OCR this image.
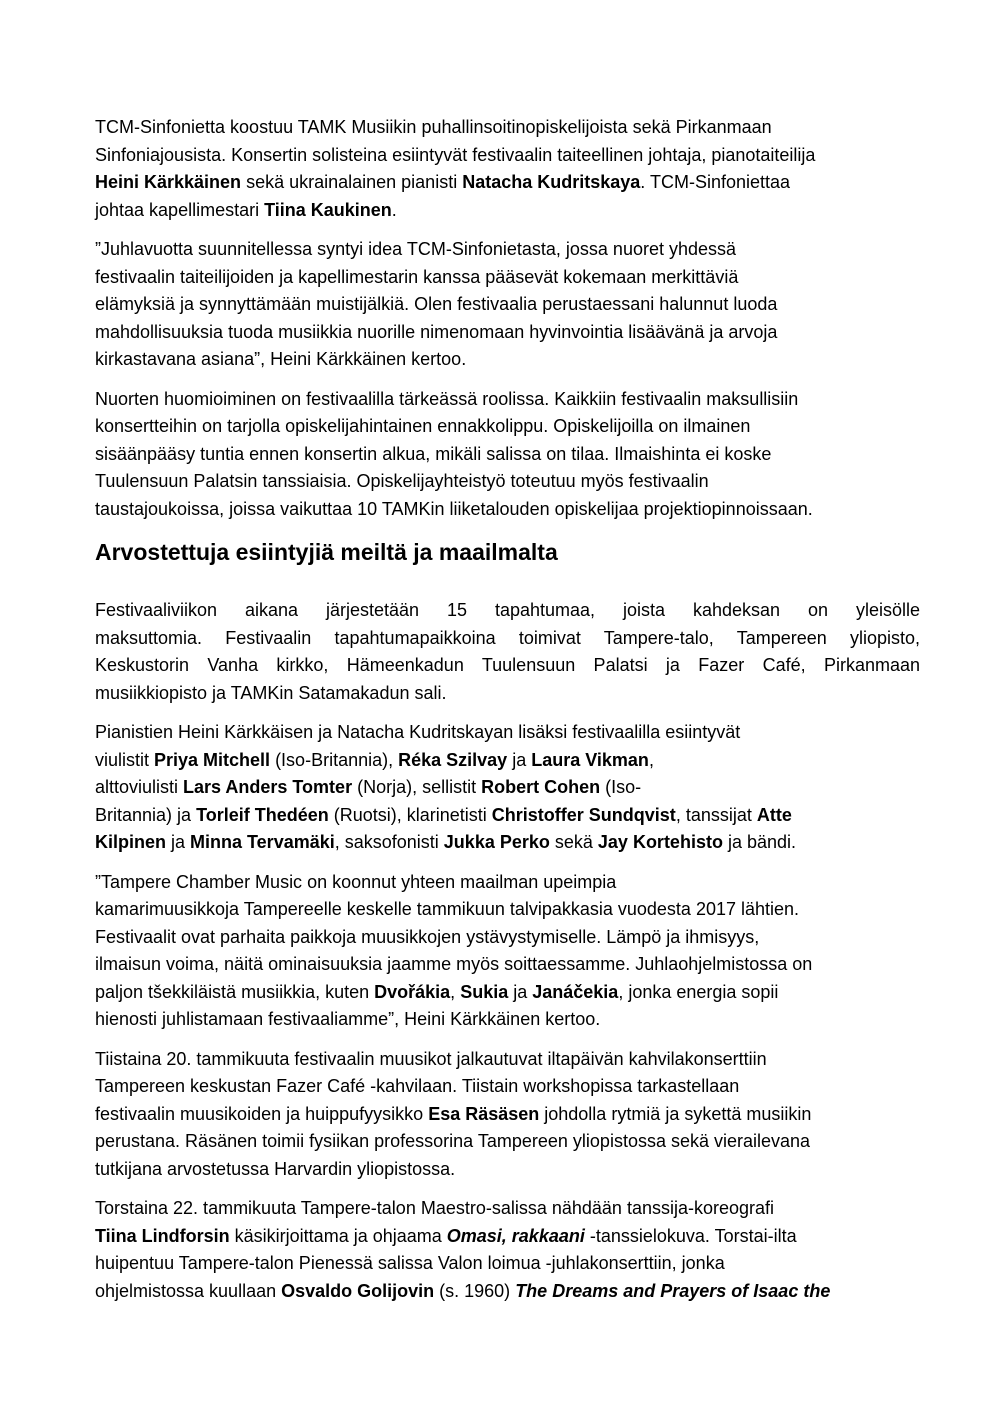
TCM-Sinfonietta koostuu TAMK Musiikin puhallinsoitinopiskelijoista sekä Pirkanmaan
Sinfoniajousista. Konsertin solisteina esiintyvät festivaalin taiteellinen johtaja, pianotaiteilija
Heini Kärkkäinen sekä ukrainalainen pianisti Natacha Kudritskaya. TCM-Sinfoniettaa
johtaa kapellimestari Tiina Kaukinen.
”Juhlavuotta suunnitellessa syntyi idea TCM-Sinfonietasta, jossa nuoret yhdessä
festivaalin taiteilijoiden ja kapellimestarin kanssa pääsevät kokemaan merkittäviä
elämyksiä ja synnyttämään muistijälkiä. Olen festivaalia perustaessani halunnut luoda
mahdollisuuksia tuoda musiikkia nuorille nimenomaan hyvinvointia lisäävänä ja arvoja
kirkastavana asiana”, Heini Kärkkäinen kertoo.
Nuorten huomioiminen on festivaalilla tärkeässä roolissa. Kaikkiin festivaalin maksullisiin
konsertteihin on tarjolla opiskelijahintainen ennakkolippu. Opiskelijoilla on ilmainen
sisäänpääsy tuntia ennen konsertin alkua, mikäli salissa on tilaa. Ilmaishinta ei koske
Tuulensuun Palatsin tanssiaisia. Opiskelijayhteistyö toteutuu myös festivaalin
taustajoukoissa, joissa vaikuttaa 10 TAMKin liiketalouden opiskelijaa projektiopinnoissaan.
Arvostettuja esiintyjiä meiltä ja maailmalta
Festivaaliviikon aikana järjestetään 15 tapahtumaa, joista kahdeksan on yleisölle
maksuttomia. Festivaalin tapahtumapaikkoina toimivat Tampere-talo, Tampereen yliopisto,
Keskustorin Vanha kirkko, Hämeenkadun Tuulensuun Palatsi ja Fazer Café, Pirkanmaan
musiikkiopisto ja TAMKin Satamakadun sali.
Pianistien Heini Kärkkäisen ja Natacha Kudritskayan lisäksi festivaalilla esiintyvät
viulistit Priya Mitchell (Iso-Britannia), Réka Szilvay ja Laura Vikman,
alttoviulisti Lars Anders Tomter (Norja), sellistit Robert Cohen (Iso-
Britannia) ja Torleif Thedéen (Ruotsi), klarinetisti Christoffer Sundqvist, tanssijat Atte
Kilpinen ja Minna Tervamäki, saksofonisti Jukka Perko sekä Jay Kortehisto ja bändi.
”Tampere Chamber Music on koonnut yhteen maailman upeimpia
kamarimuusikkoja Tampereelle keskelle tammikuun talvipakkasia vuodesta 2017 lähtien.
Festivaalit ovat parhaita paikkoja muusikkojen ystävystymiselle. Lämpö ja ihmisyys,
ilmaisun voima, näitä ominaisuuksia jaamme myös soittaessamme. Juhlaohjelmistossa on
paljon tšekkiläistä musiikkia, kuten Dvořákia, Sukia ja Janáčekia, jonka energia sopii
hienosti juhlistamaan festivaaliamme”, Heini Kärkkäinen kertoo.
Tiistaina 20. tammikuuta festivaalin muusikot jalkautuvat iltapäivän kahvilakonserttiin
Tampereen keskustan Fazer Café -kahvilaan. Tiistain workshopissa tarkastellaan
festivaalin muusikoiden ja huippufyysikko Esa Räsäsen johdolla rytmiä ja sykettä musiikin
perustana. Räsänen toimii fysiikan professorina Tampereen yliopistossa sekä vierailevana
tutkijana arvostetussa Harvardin yliopistossa.
Torstaina 22. tammikuuta Tampere-talon Maestro-salissa nähdään tanssija-koreografi
Tiina Lindforsin käsikirjoittama ja ohjaama Omasi, rakkaani -tanssielokuva. Torstai-ilta
huipentuu Tampere-talon Pienessä salissa Valon loimua -juhlakonserttiin, jonka
ohjelmistossa kuullaan Osvaldo Golijovin (s. 1960) The Dreams and Prayers of Isaac the
